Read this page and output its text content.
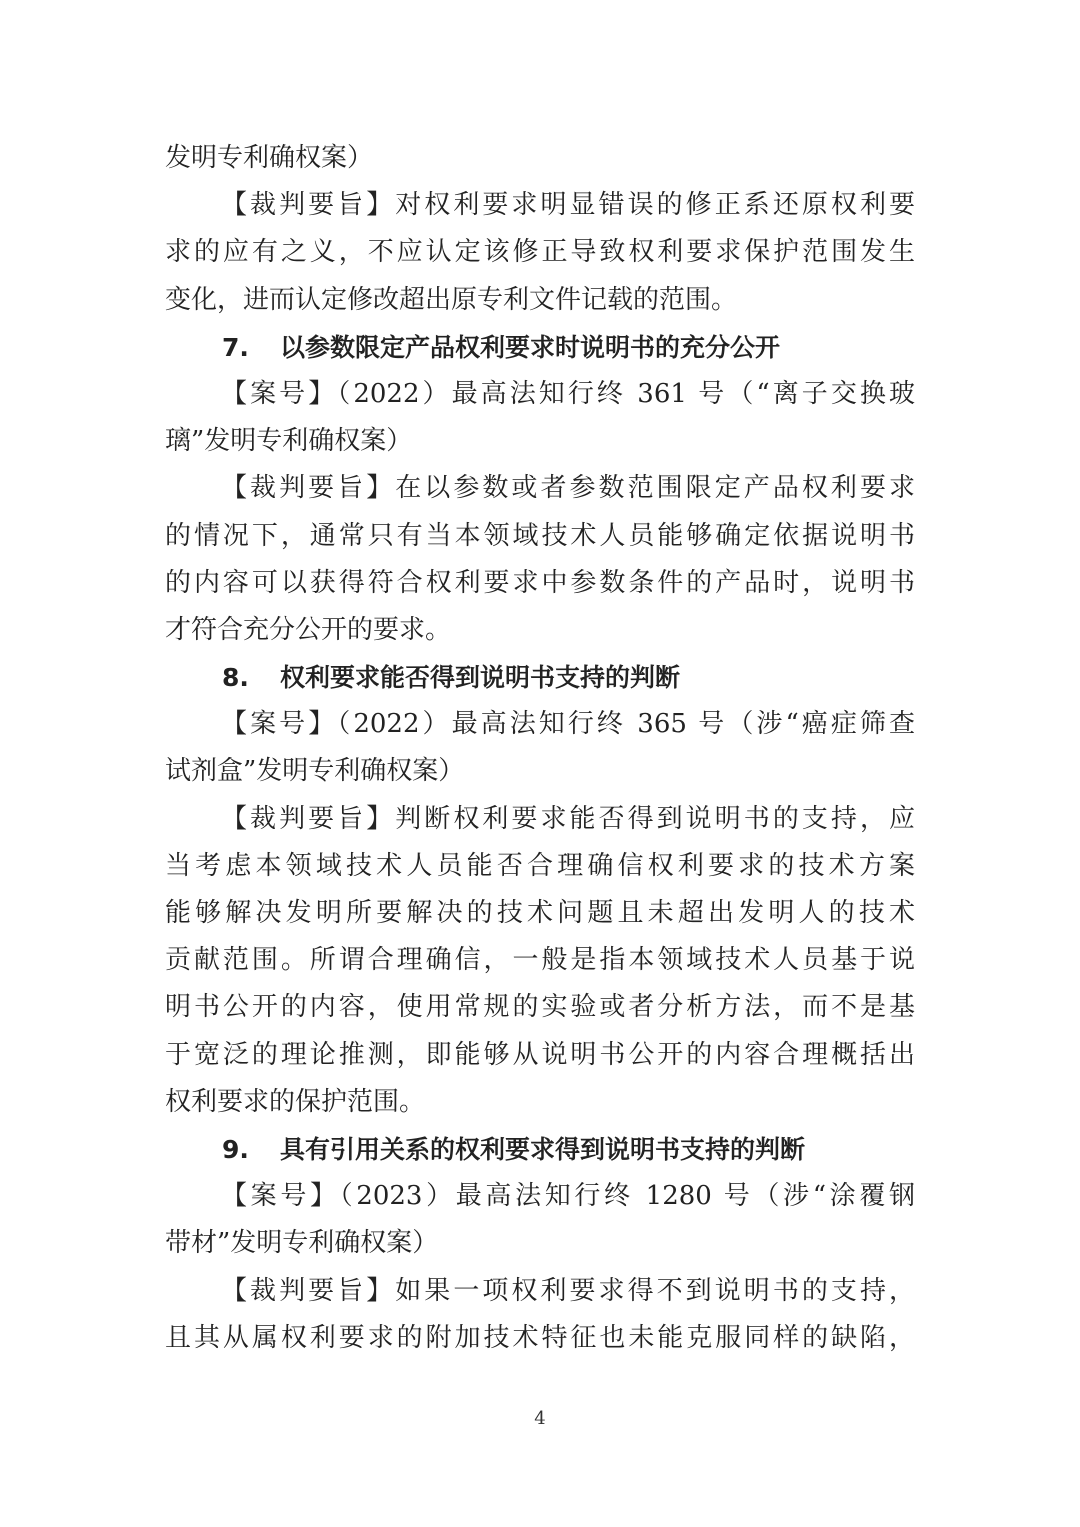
发明专利确权案）
【裁判要旨】对权利要求明显错误的修正系还原权利要
求的应有之义，不应认定该修正导致权利要求保护范围发生
变化，进而认定修改超出原专利文件记载的范围。
7. 以参数限定产品权利要求时说明书的充分公开
【案号】（2022）最高法知行终 361 号（“离子交换玻
璃”发明专利确权案）
【裁判要旨】在以参数或者参数范围限定产品权利要求
的情况下，通常只有当本领域技术人员能够确定依据说明书
的内容可以获得符合权利要求中参数条件的产品时，说明书
才符合充分公开的要求。
8. 权利要求能否得到说明书支持的判断
【案号】（2022）最高法知行终 365 号（涉“癌症筛查
试剂盒”发明专利确权案）
【裁判要旨】判断权利要求能否得到说明书的支持，应
当考虑本领域技术人员能否合理确信权利要求的技术方案
能够解决发明所要解决的技术问题且未超出发明人的技术
贡献范围。所谓合理确信，一般是指本领域技术人员基于说
明书公开的内容，使用常规的实验或者分析方法，而不是基
于宽泛的理论推测，即能够从说明书公开的内容合理概括出
权利要求的保护范围。
9. 具有引用关系的权利要求得到说明书支持的判断
【案号】（2023）最高法知行终 1280 号（涉“涂覆钢
带材”发明专利确权案）
【裁判要旨】如果一项权利要求得不到说明书的支持，
且其从属权利要求的附加技术特征也未能克服同样的缺陷，
4
